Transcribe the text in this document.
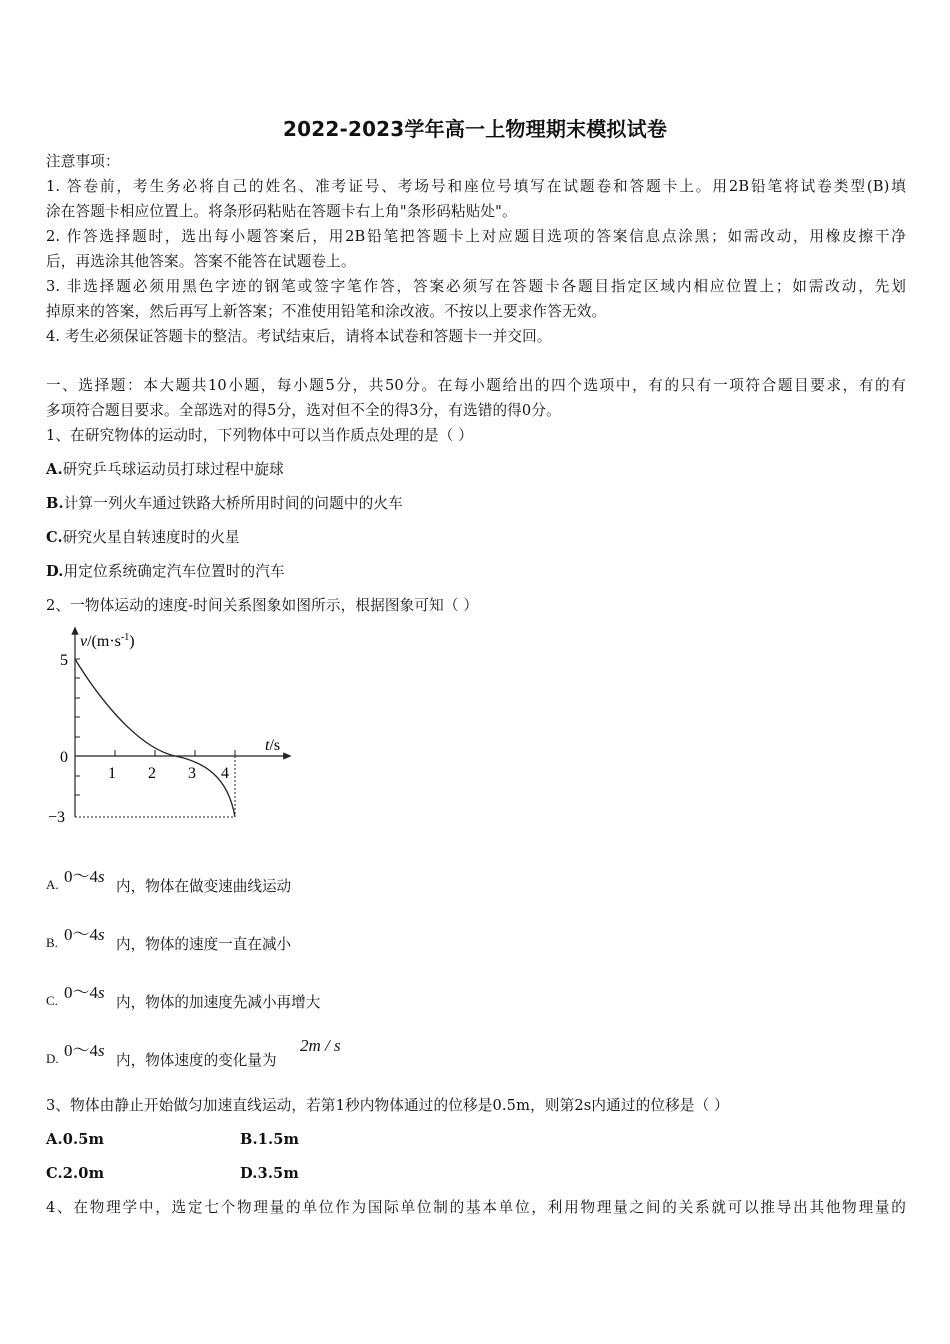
2022-2023学年高一上物理期末模拟试卷
注意事项：
1. 答卷前，考生务必将自己的姓名、准考证号、考场号和座位号填写在试题卷和答题卡上。用2B铅笔将试卷类型(B)填
涂在答题卡相应位置上。将条形码粘贴在答题卡右上角"条形码粘贴处"。
2. 作答选择题时，选出每小题答案后，用2B铅笔把答题卡上对应题目选项的答案信息点涂黑；如需改动，用橡皮擦干净
后，再选涂其他答案。答案不能答在试题卷上。
3. 非选择题必须用黑色字迹的钢笔或签字笔作答，答案必须写在答题卡各题目指定区域内相应位置上；如需改动，先划
掉原来的答案，然后再写上新答案；不准使用铅笔和涂改液。不按以上要求作答无效。
4. 考生必须保证答题卡的整洁。考试结束后，请将本试卷和答题卡一并交回。
一、选择题：本大题共10小题，每小题5分，共50分。在每小题给出的四个选项中，有的只有一项符合题目要求，有的有
多项符合题目要求。全部选对的得5分，选对但不全的得3分，有选错的得0分。
1、在研究物体的运动时，下列物体中可以当作质点处理的是（ ）
A.研究乒乓球运动员打球过程中旋球
B.计算一列火车通过铁路大桥所用时间的问题中的火车
C.研究火星自转速度时的火星
D.用定位系统确定汽车位置时的汽车
2、一物体运动的速度-时间关系图象如图所示，根据图象可知（ ）
$v/(m\cdot s^{-1})$
t/s
5
0
−3
1 2 3 4
A. 0～4s
内，物体在做变速曲线运动
B. 0～4s
内，物体的速度一直在减小
C. 0～4s
内，物体的加速度先减小再增大
D. 0～4s
内，物体速度的变化量为
2m / s
3、物体由静止开始做匀加速直线运动，若第1秒内物体通过的位移是0.5m，则第2s内通过的位移是（ ）
A.0.5m	B.1.5m
C.2.0m	D.3.5m
4、在物理学中，选定七个物理量的单位作为国际单位制的基本单位，利用物理量之间的关系就可以推导出其他物理量的
